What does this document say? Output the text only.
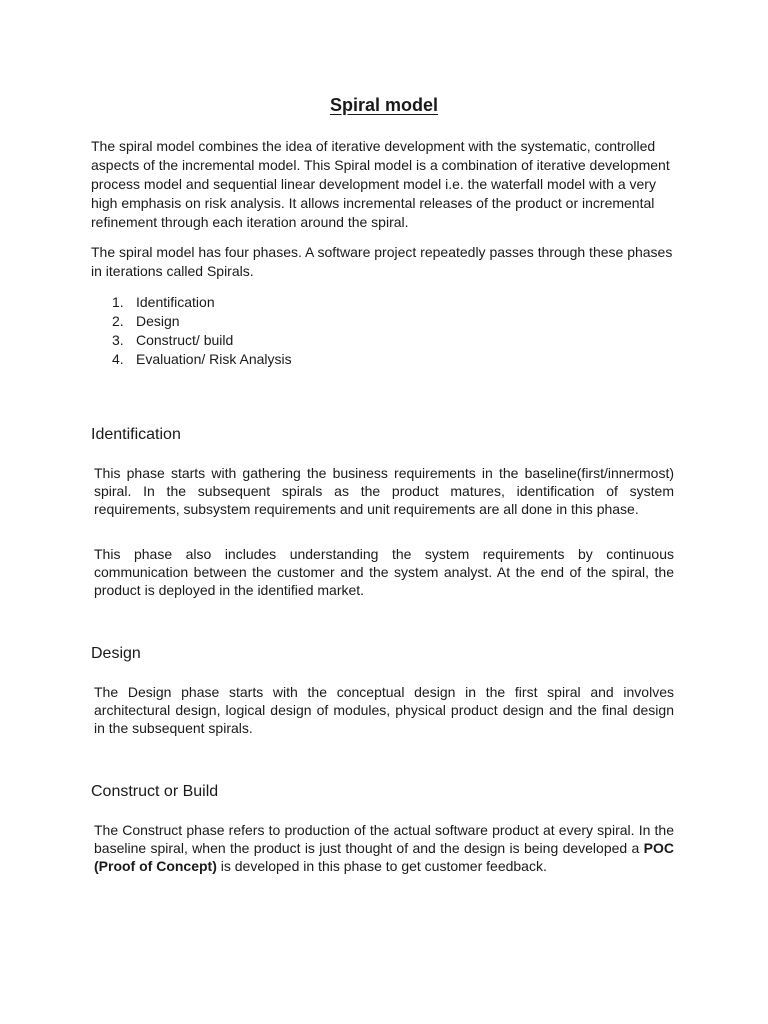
Spiral model

The spiral model combines the idea of iterative development with the systematic, controlled aspects of the incremental model. This Spiral model is a combination of iterative development process model and sequential linear development model i.e. the waterfall model with a very high emphasis on risk analysis. It allows incremental releases of the product or incremental refinement through each iteration around the spiral.

The spiral model has four phases. A software project repeatedly passes through these phases in iterations called Spirals.

1. Identification
2. Design
3. Construct/ build
4. Evaluation/ Risk Analysis
Identification

This phase starts with gathering the business requirements in the baseline(first/innermost) spiral. In the subsequent spirals as the product matures, identification of system requirements, subsystem requirements and unit requirements are all done in this phase.

This phase also includes understanding the system requirements by continuous communication between the customer and the system analyst. At the end of the spiral, the product is deployed in the identified market.

Design

The Design phase starts with the conceptual design in the first spiral and involves architectural design, logical design of modules, physical product design and the final design in the subsequent spirals.

Construct or Build

The Construct phase refers to production of the actual software product at every spiral. In the baseline spiral, when the product is just thought of and the design is being developed a POC (Proof of Concept) is developed in this phase to get customer feedback.
